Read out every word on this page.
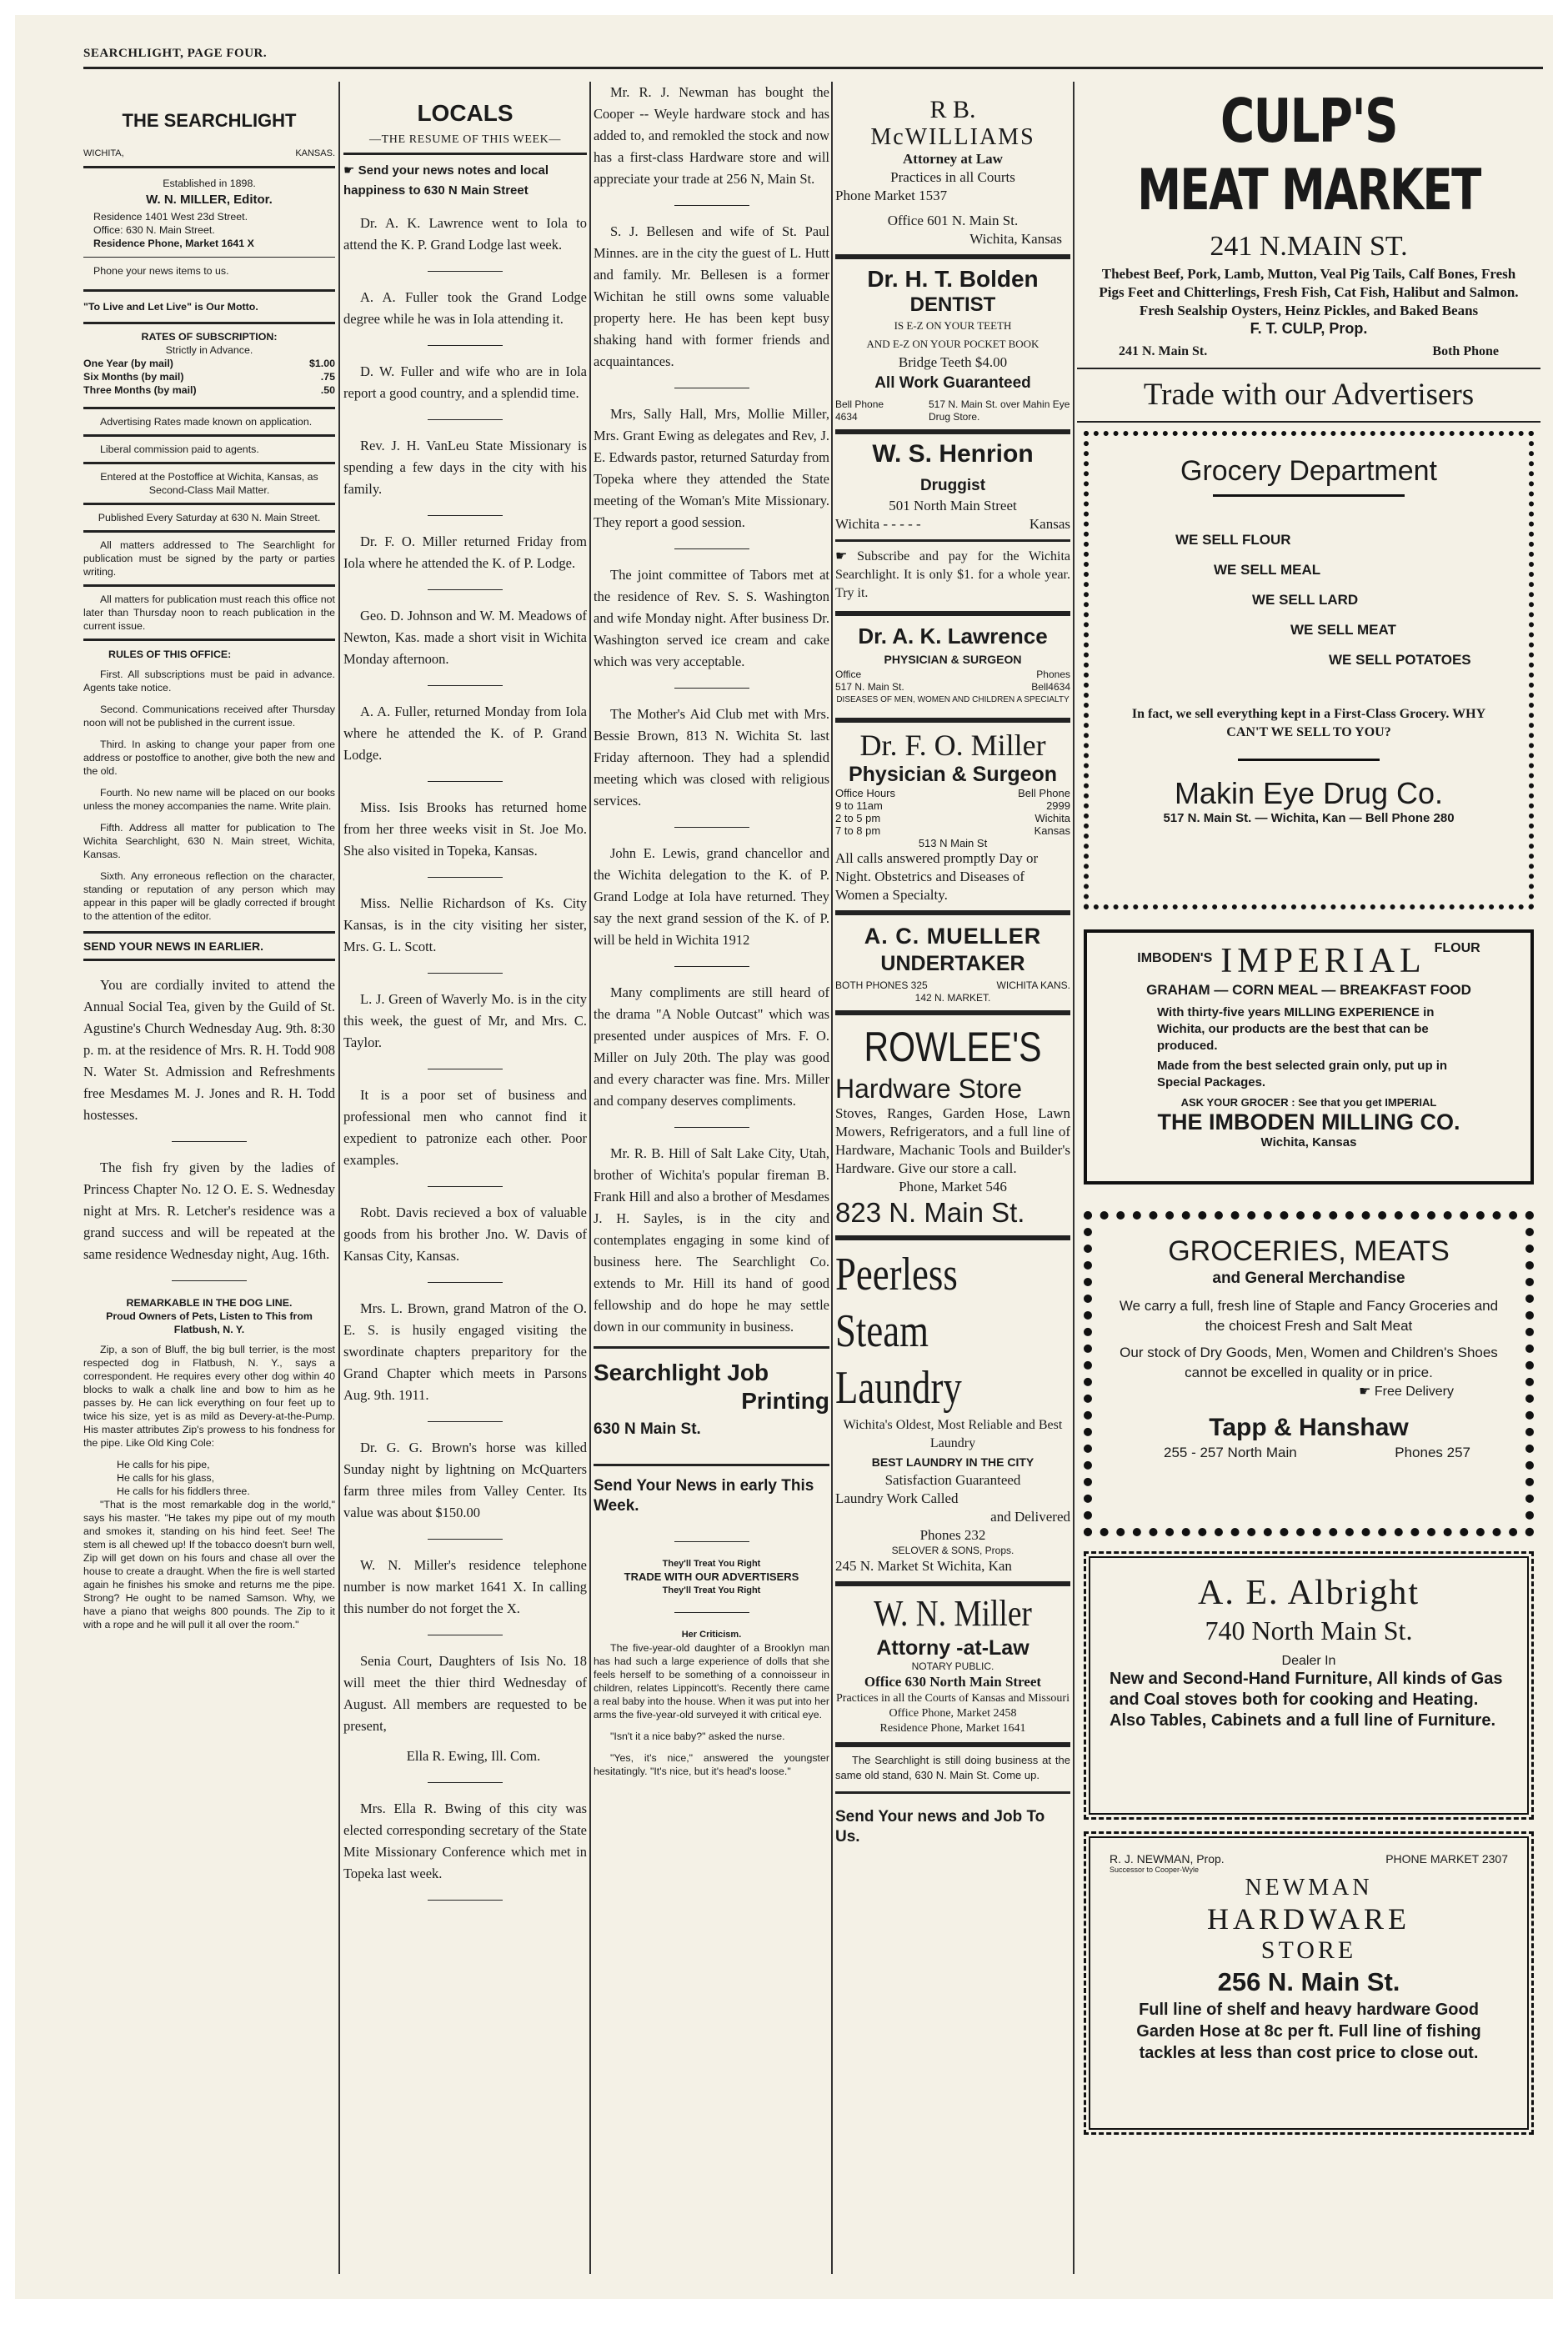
SEARCHLIGHT, PAGE FOUR.
THE SEARCHLIGHT
WICHITA,	KANSAS.
Established in 1898.
W. N. MILLER, Editor.
Residence 1401 West 23d Street.
Office: 630 N. Main Street.
Residence Phone, Market 1641 X
Phone your news items to us.
"To Live and Let Live" is Our Motto.
RATES OF SUBSCRIPTION:
Strictly in Advance.
One Year (by mail)	$1.00
Six Months (by mail)	.75
Three Months (by mail)	.50
Advertising Rates made known on application.
Liberal commission paid to agents.
Entered at the Postoffice at Wichita, Kansas, as Second-Class Mail Matter.
Published Every Saturday at 630 N. Main Street.
All matters addressed to The Searchlight for publication must be signed by the party or parties writing.
All matters for publication must reach this office not later than Thursday noon to reach publication in the current issue.
RULES OF THIS OFFICE:

First. All subscriptions must be paid in advance. Agents take notice.

Second. Communications received after Thursday noon will not be published in the current issue.

Third. In asking to change your paper from one address or postoffice to another, give both the new and the old.

Fourth. No new name will be placed on our books unless the money accompanies the name. Write plain.

Fifth. Address all matter for publication to The Wichita Searchlight, 630 N. Main street, Wichita, Kansas.

Sixth. Any erroneous reflection on the character, standing or reputation of any person which may appear in this paper will be gladly corrected if brought to the attention of the editor.

SEND YOUR NEWS IN EARLIER.

You are cordially invited to attend the Annual Social Tea, given by the Guild of St. Agustine's Church Wednesday Aug. 9th. 8:30 p. m. at the residence of Mrs. R. H. Todd 908 N. Water St. Admission and Refreshments free Mesdames M. J. Jones and R. H. Todd hostesses.

The fish fry given by the ladies of Princess Chapter No. 12 O. E. S. Wednesday night at Mrs. R. Letcher's residence was a grand success and will be repeated at the same residence Wednesday night, Aug. 16th.

REMARKABLE IN THE DOG LINE.
Proud Owners of Pets, Listen to This from Flatbush, N. Y.

Zip, a son of Bluff, the big bull terrier, is the most respected dog in Flatbush, N. Y., says a correspondent. He requires every other dog within 40 blocks to walk a chalk line and bow to him as he passes by. He can lick everything on four feet up to twice his size, yet is as mild as Devery-at-the-Pump. His master attributes Zip's prowess to his fondness for the pipe. Like Old King Cole:

He calls for his pipe,
He calls for his glass,
He calls for his fiddlers three.

"That is the most remarkable dog in the world," says his master. "He takes my pipe out of my mouth and smokes it, standing on his hind feet. See! The stem is all chewed up! If the tobacco doesn't burn well, Zip will get down on his fours and chase all over the house to create a draught. When the fire is well started again he finishes his smoke and returns me the pipe. Strong? He ought to be named Samson. Why, we have a piano that weighs 800 pounds. The Zip to it with a rope and he will pull it all over the room."

LOCALS
—THE RESUME OF THIS WEEK—
☛ Send your news notes and local happiness to 630 N Main Street

Dr. A. K. Lawrence went to Iola to attend the K. P. Grand Lodge last week.

A. A. Fuller took the Grand Lodge degree while he was in Iola attending it.

D. W. Fuller and wife who are in Iola report a good country, and a splendid time.

Rev. J. H. VanLeu State Missionary is spending a few days in the city with his family.

Dr. F. O. Miller returned Friday from Iola where he attended the K. of P. Lodge.

Geo. D. Johnson and W. M. Meadows of Newton, Kas. made a short visit in Wichita Monday afternoon.

A. A. Fuller, returned Monday from Iola where he attended the K. of P. Grand Lodge.

Miss. Isis Brooks has returned home from her three weeks visit in St. Joe Mo. She also visited in Topeka, Kansas.

Miss. Nellie Richardson of Ks. City Kansas, is in the city visiting her sister, Mrs. G. L. Scott.

L. J. Green of Waverly Mo. is in the city this week, the guest of Mr, and Mrs. C. Taylor.

It is a poor set of business and professional men who cannot find it expedient to patronize each other. Poor examples.

Robt. Davis recieved a box of valuable goods from his brother Jno. W. Davis of Kansas City, Kansas.

Mrs. L. Brown, grand Matron of the O. E. S. is husily engaged visiting the swordinate chapters preparitory for the Grand Chapter which meets in Parsons Aug. 9th. 1911.

Dr. G. G. Brown's horse was killed Sunday night by lightning on McQuarters farm three miles from Valley Center. Its value was about $150.00

W. N. Miller's residence telephone number is now market 1641 X. In calling this number do not forget the X.

Senia Court, Daughters of Isis No. 18 will meet the thier third Wednesday of August. All members are requested to be present,

Ella R. Ewing, Ill. Com.

Mrs. Ella R. Bwing of this city was elected corresponding secretary of the State Mite Missionary Conference which met in Topeka last week.

Mr. R. J. Newman has bought the Cooper -- Weyle hardware stock and has added to, and remokled the stock and now has a first-class Hardware store and will appreciate your trade at 256 N, Main St.

S. J. Bellesen and wife of St. Paul Minnes. are in the city the guest of L. Hutt and family. Mr. Bellesen is a former Wichitan he still owns some valuable property here. He has been kept busy shaking hand with former friends and acquaintances.

Mrs, Sally Hall, Mrs, Mollie Miller, Mrs. Grant Ewing as delegates and Rev, J. E. Edwards pastor, returned Saturday from Topeka where they attended the State meeting of the Woman's Mite Missionary. They report a good session.

The joint committee of Tabors met at the residence of Rev. S. S. Washington and wife Monday night. After business Dr. Washington served ice cream and cake which was very acceptable.

The Mother's Aid Club met with Mrs. Bessie Brown, 813 N. Wichita St. last Friday afternoon. They had a splendid meeting which was closed with religious services.

John E. Lewis, grand chancellor and the Wichita delegation to the K. of P. Grand Lodge at Iola have returned. They say the next grand session of the K. of P. will be held in Wichita 1912

Many compliments are still heard of the drama "A Noble Outcast" which was presented under auspices of Mrs. F. O. Miller on July 20th. The play was good and every character was fine. Mrs. Miller and company deserves compliments.

Mr. R. B. Hill of Salt Lake City, Utah, brother of Wichita's popular fireman B. Frank Hill and also a brother of Mesdames J. H. Sayles, is in the city and contemplates engaging in some kind of business here. The Searchlight Co. extends to Mr. Hill its hand of good fellowship and do hope he may settle down in our community in business.

Searchlight Job
Printing
630 N Main St.
Send Your News in early This Week.
They'll Treat You Right
TRADE WITH OUR ADVERTISERS
They'll Treat You Right
Her Criticism.

The five-year-old daughter of a Brooklyn man has had such a large experience of dolls that she feels herself to be something of a connoisseur in children, relates Lippincott's. Recently there came a real baby into the house. When it was put into her arms the five-year-old surveyed it with critical eye.

"Isn't it a nice baby?" asked the nurse.

"Yes, it's nice," answered the youngster hesitatingly. "It's nice, but it's head's loose."

R B.
McWILLIAMS
Attorney at Law
Practices in all Courts
Phone Market 1537
Office 601 N. Main St.
Wichita, Kansas
Dr. H. T. Bolden
DENTIST
IS E-Z ON YOUR TEETH
AND E-Z ON YOUR POCKET BOOK
Bridge Teeth $4.00
All Work Guaranteed
Bell Phone 4634
517 N. Main St. over Mahin Eye Drug Store.
W. S. Henrion
Druggist
501 North Main Street
Wichita - - - - -	Kansas

☛ Subscribe and pay for the Wichita Searchlight. It is only $1. for a whole year. Try it.

Dr. A. K. Lawrence
PHYSICIAN & SURGEON
Office	Phones
517 N. Main St.	Bell4634
DISEASES OF MEN, WOMEN AND CHILDREN A SPECIALTY
Dr. F. O. Miller
Physician & Surgeon
Office Hours	Bell Phone
9 to 11am	2999
2 to 5 pm	Wichita
7 to 8 pm	Kansas
513 N Main St
All calls answered promptly Day or Night. Obstetrics and Diseases of Women a Specialty.
A. C. MUELLER
UNDERTAKER
BOTH PHONES 325	WICHITA KANS.
142 N. MARKET.
ROWLEE'S
Hardware Store
Stoves, Ranges, Garden Hose, Lawn Mowers, Refrigerators, and a full line of Hardware, Machanic Tools and Builder's Hardware. Give our store a call.
Phone, Market 546
823 N. Main St.
Peerless
Steam
Laundry
Wichita's Oldest, Most Reliable and Best Laundry
BEST LAUNDRY IN THE CITY
Satisfaction Guaranteed
Laundry Work Called
and Delivered
Phones 232
SELOVER & SONS, Props.
245 N. Market St Wichita, Kan
W. N. Miller
Attorny -at-Law
NOTARY PUBLIC.
Office 630 North Main Street
Practices in all the Courts of Kansas and Missouri
Office Phone, Market 2458
Residence Phone, Market 1641

The Searchlight is still doing business at the same old stand, 630 N. Main St. Come up.

Send Your news and Job To Us.
CULP'S
MEAT MARKET
241 N.MAIN ST.
Thebest Beef, Pork, Lamb, Mutton, Veal Pig Tails, Calf Bones, Fresh Pigs Feet and Chitterlings, Fresh Fish, Cat Fish, Halibut and Salmon. Fresh Sealship Oysters, Heinz Pickles, and Baked Beans
F. T. CULP, Prop.
241 N. Main St.	Both Phone
Trade with our Advertisers
Grocery Department
WE SELL FLOUR
WE SELL MEAL
WE SELL LARD
WE SELL MEAT
WE SELL POTATOES
In fact, we sell everything kept in a First-Class Grocery. WHY CAN'T WE SELL TO YOU?
Makin Eye Drug Co.
517 N. Main St. — Wichita, Kan — Bell Phone 280
IMBODEN'S IMPERIAL FLOUR
GRAHAM — CORN MEAL — BREAKFAST FOOD
With thirty-five years MILLING EXPERIENCE in Wichita, our products are the best that can be produced.
Made from the best selected grain only, put up in Special Packages.
ASK YOUR GROCER : See that you get IMPERIAL
THE IMBODEN MILLING CO.
Wichita, Kansas
GROCERIES, MEATS
and General Merchandise
We carry a full, fresh line of Staple and Fancy Groceries and the choicest Fresh and Salt Meat
Our stock of Dry Goods, Men, Women and Children's Shoes cannot be excelled in quality or in price.
☛ Free Delivery
Tapp & Hanshaw
255 - 257 North Main	Phones 257
A. E. Albright
740 North Main St.
Dealer In
New and Second-Hand Furniture, All kinds of Gas and Coal stoves both for cooking and Heating. Also Tables, Cabinets and a full line of Furniture.
R. J. NEWMAN, Prop.	PHONE MARKET 2307
Successor to Cooper-Wyle
NEWMAN
HARDWARE
STORE
256 N. Main St.
Full line of shelf and heavy hardware Good Garden Hose at 8c per ft. Full line of fishing tackles at less than cost price to close out.
